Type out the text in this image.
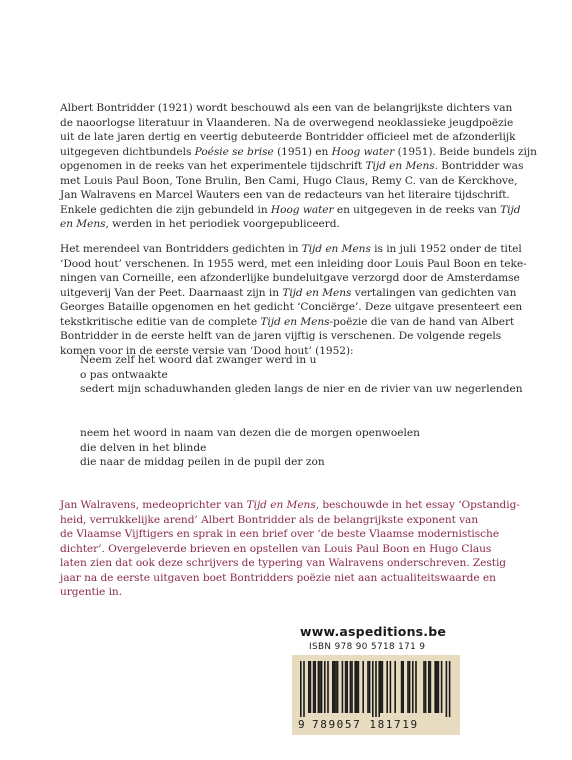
Albert Bontridder (1921) wordt beschouwd als een van de belangrijkste dichters van
de naoorlogse literatuur in Vlaanderen. Na de overwegend neoklassieke jeugdpoëzie
uit de late jaren dertig en veertig debuteerde Bontridder officieel met de afzonderlijk
uitgegeven dichtbundels Poésie se brise (1951) en Hoog water (1951). Beide bundels zijn
opgenomen in de reeks van het experimentele tijdschrift Tijd en Mens. Bontridder was
met Louis Paul Boon, Tone Brulin, Ben Cami, Hugo Claus, Remy C. van de Kerckhove,
Jan Walravens en Marcel Wauters een van de redacteurs van het literaire tijdschrift.
Enkele gedichten die zijn gebundeld in Hoog water en uitgegeven in de reeks van Tijd
en Mens, werden in het periodiek voorgepubliceerd.
Het merendeel van Bontridders gedichten in Tijd en Mens is in juli 1952 onder de titel
‘Dood hout’ verschenen. In 1955 werd, met een inleiding door Louis Paul Boon en teke-
ningen van Corneille, een afzonderlijke bundeluitgave verzorgd door de Amsterdamse
uitgeverij Van der Peet. Daarnaast zijn in Tijd en Mens vertalingen van gedichten van
Georges Bataille opgenomen en het gedicht ‘Conciërge’. Deze uitgave presenteert een
tekstkritische editie van de complete Tijd en Mens-poëzie die van de hand van Albert
Bontridder in de eerste helft van de jaren vijftig is verschenen. De volgende regels
komen voor in de eerste versie van ‘Dood hout’ (1952):
Neem zelf het woord dat zwanger werd in u
o pas ontwaakte
sedert mijn schaduwhanden gleden langs de nier en de rivier van uw negerlenden
neem het woord in naam van dezen die de morgen openwoelen
die delven in het blinde
die naar de middag peilen in de pupil der zon
Jan Walravens, medeoprichter van Tijd en Mens, beschouwde in het essay ‘Opstandig-
heid, verrukkelijke arend’ Albert Bontridder als de belangrijkste exponent van
de Vlaamse Vijftigers en sprak in een brief over ‘de beste Vlaamse modernistische
dichter’. Overgeleverde brieven en opstellen van Louis Paul Boon en Hugo Claus
laten zien dat ook deze schrijvers de typering van Walravens onderschreven. Zestig
jaar na de eerste uitgaven boet Bontridders poëzie niet aan actualiteitswaarde en
urgentie in.
www.aspeditions.be
ISBN 978 90 5718 171 9
9 789057 181719
